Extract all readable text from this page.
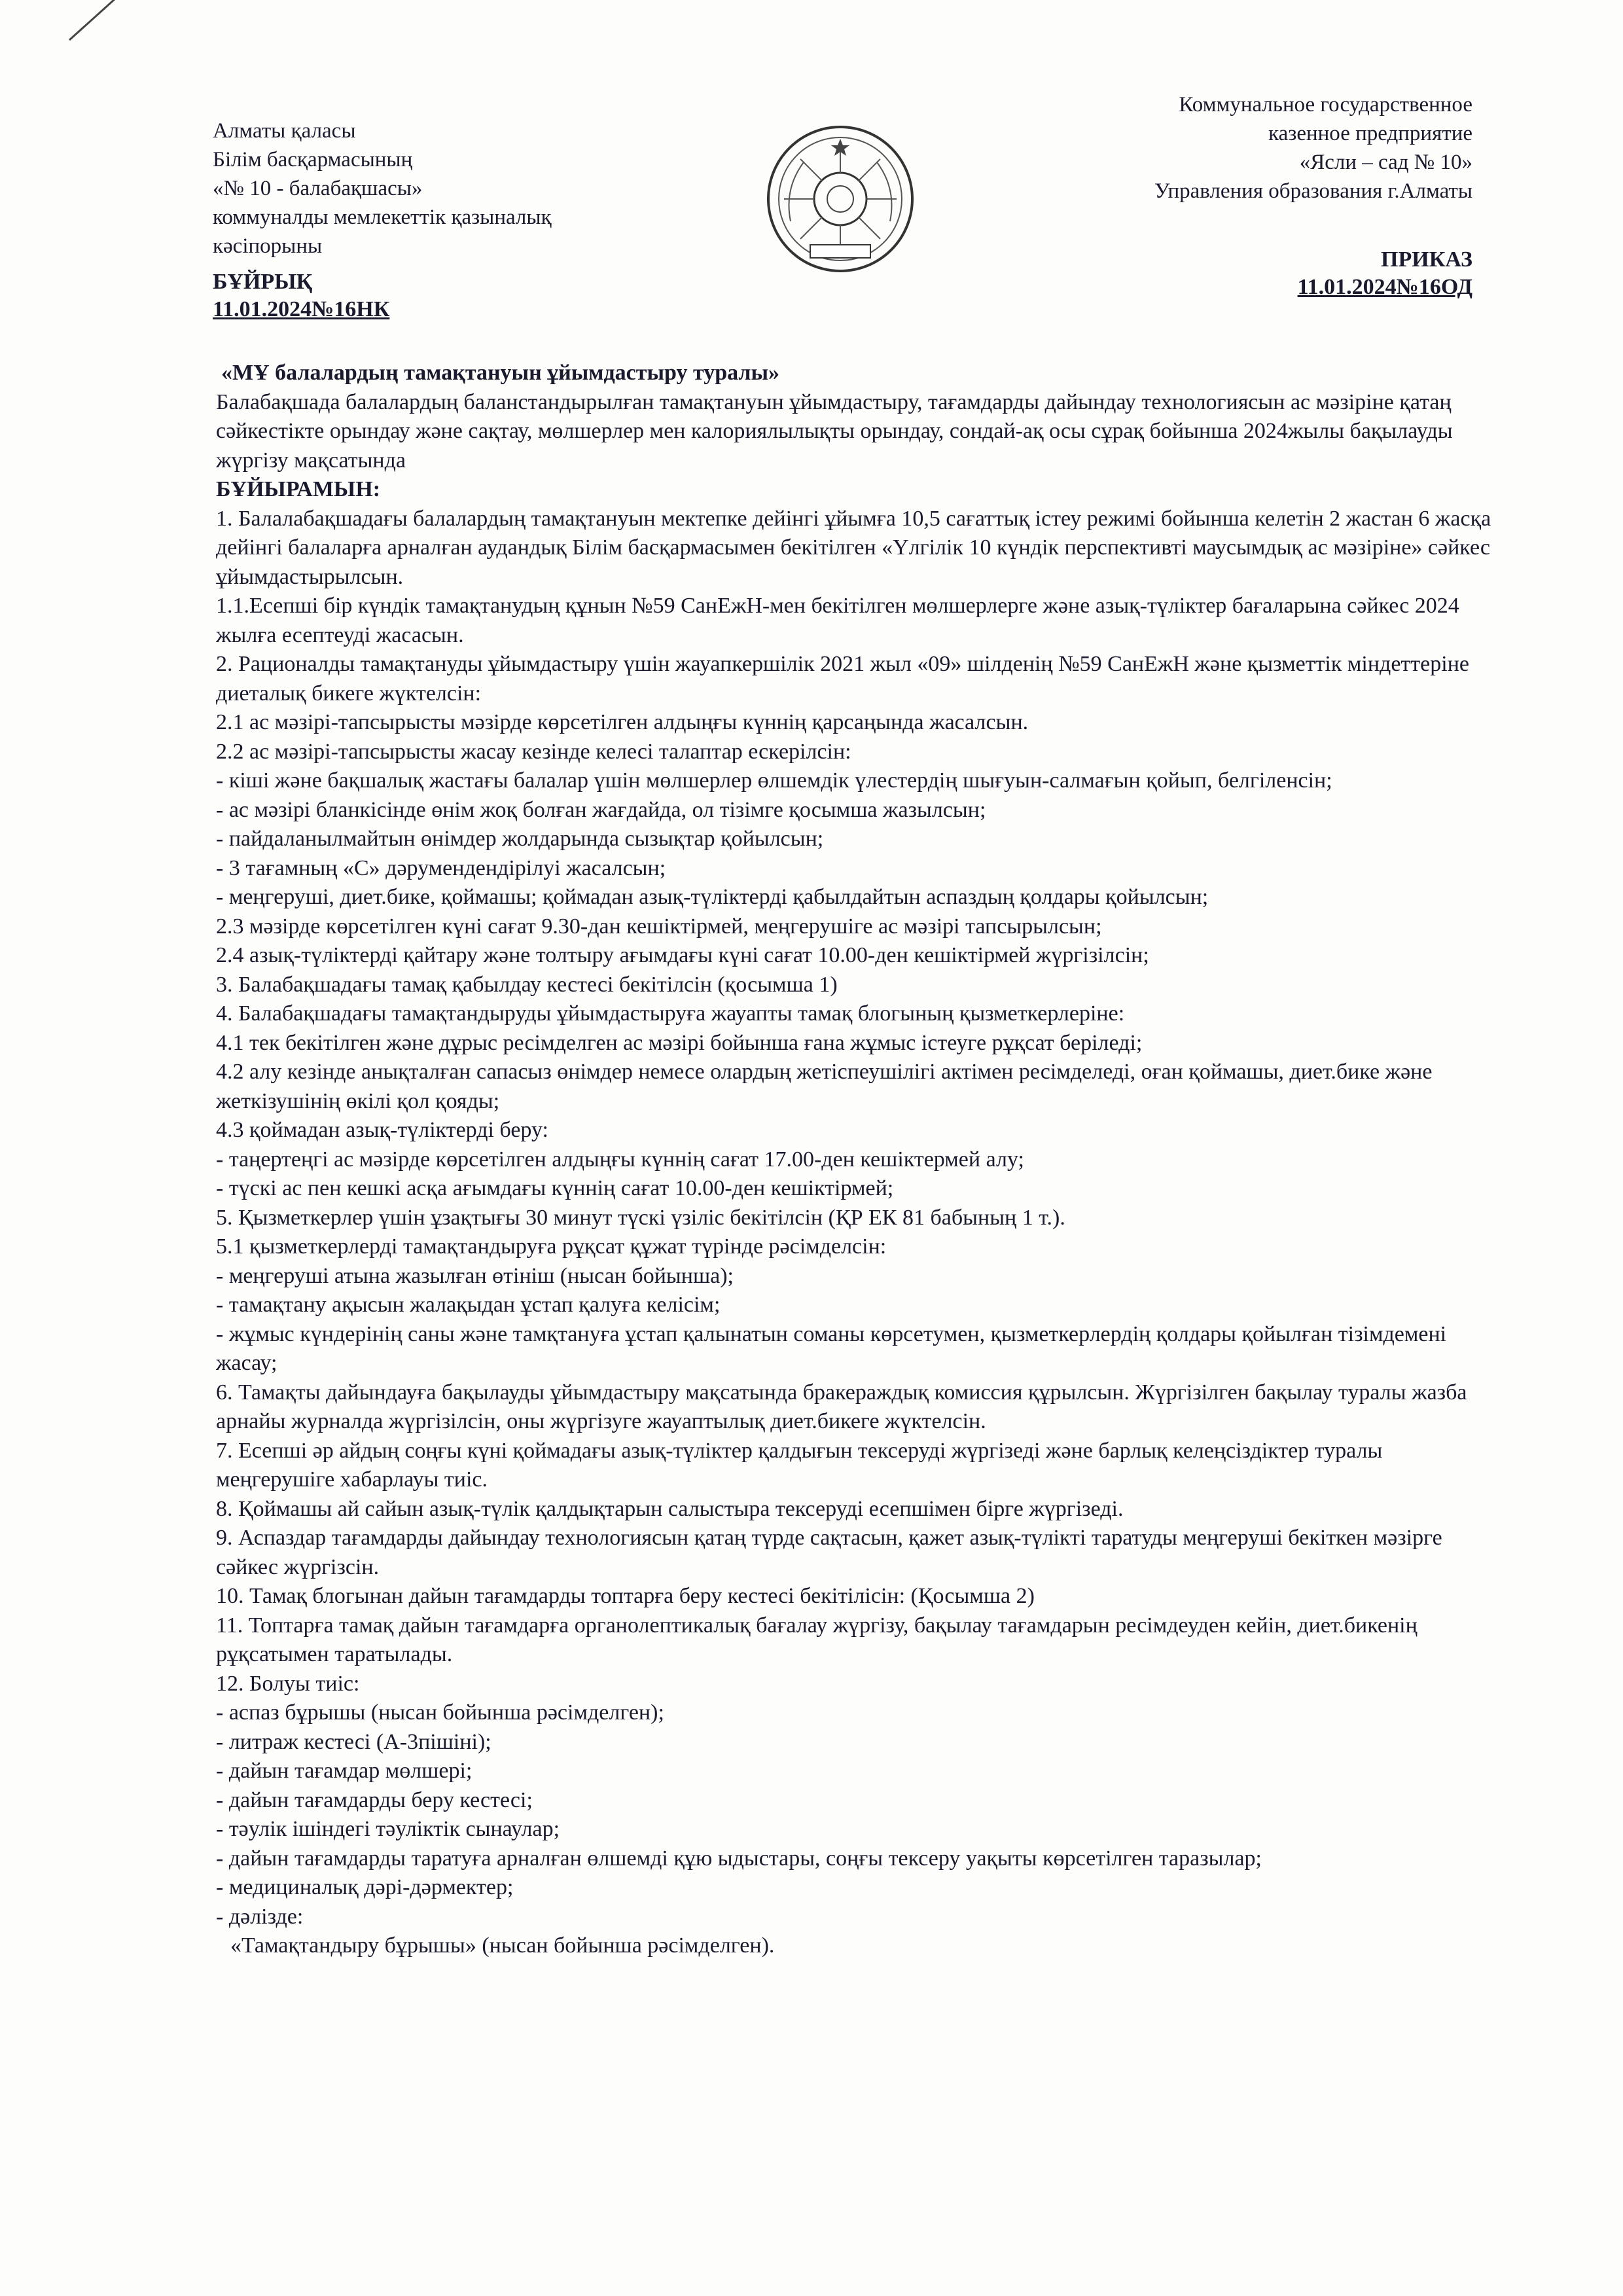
Алматы қаласы
Білім басқармасының
«№ 10 - балабақшасы»
коммуналды мемлекеттік қазыналық
кәсіпорыны
Коммунальное государственное
казенное предприятие
«Ясли – сад № 10»
Управления образования г.Алматы
БҰЙРЫҚ
11.01.2024№16НК
ПРИКАЗ
11.01.2024№16ОД

«МҰ балалардың тамақтануын ұйымдастыру туралы»

Балабақшада балалардың баланстандырылған тамақтануын ұйымдастыру, тағамдарды дайындау технологиясын ас мәзіріне қатаң сәйкестікте орындау және сақтау, мөлшерлер мен калориялылықты орындау, сондай-ақ осы сұрақ бойынша 2024жылы бақылауды жүргізу мақсатында

БҰЙЫРАМЫН:

1. Балалабақшадағы балалардың тамақтануын мектепке дейінгі ұйымға 10,5 сағаттық істеу режимі бойынша келетін 2 жастан 6 жасқа дейінгі балаларға арналған аудандық Білім басқармасымен бекітілген «Үлгілік 10 күндік перспективті маусымдық ас мәзіріне» сәйкес ұйымдастырылсын.

1.1.Есепші бір күндік тамақтанудың құнын №59 СанЕжН-мен бекітілген мөлшерлерге және азық-түліктер бағаларына сәйкес 2024 жылға есептеуді жасасын.

2. Рационалды тамақтануды ұйымдастыру үшін жауапкершілік 2021 жыл «09» шілденің №59 СанЕжН және қызметтік міндеттеріне диеталық бикеге жүктелсін:

2.1 ас мәзірі-тапсырысты мәзірде көрсетілген алдыңғы күннің қарсаңында жасалсын.

2.2 ас мәзірі-тапсырысты жасау кезінде келесі талаптар ескерілсін:

- кіші және бақшалық жастағы балалар үшін мөлшерлер өлшемдік үлестердің шығуын-салмағын қойып, белгіленсін;

- ас мәзірі бланкісінде өнім жоқ болған жағдайда, ол тізімге қосымша жазылсын;

- пайдаланылмайтын өнімдер жолдарында сызықтар қойылсын;

- 3 тағамның «С» дәрумендендірілуі жасалсын;

- меңгеруші, диет.бике, қоймашы; қоймадан азық-түліктерді қабылдайтын аспаздың қолдары қойылсын;

2.3 мәзірде көрсетілген күні сағат 9.30-дан кешіктірмей, меңгерушіге ас мәзірі тапсырылсын;

2.4 азық-түліктерді қайтару және толтыру ағымдағы күні сағат 10.00-ден кешіктірмей жүргізілсін;

3. Балабақшадағы тамақ қабылдау кестесі бекітілсін (қосымша 1)

4. Балабақшадағы тамақтандыруды ұйымдастыруға жауапты тамақ блогының қызметкерлеріне:

4.1 тек бекітілген және дұрыс ресімделген ас мәзірі бойынша ғана жұмыс істеуге рұқсат беріледі;

4.2 алу кезінде анықталған сапасыз өнімдер немесе олардың жетіспеушілігі актімен ресімделеді, оған қоймашы, диет.бике және жеткізушінің өкілі қол қояды;

4.3 қоймадан азық-түліктерді беру:

- таңертеңгі ас мәзірде көрсетілген алдыңғы күннің сағат 17.00-ден кешіктермей алу;

- түскі ас пен кешкі асқа ағымдағы күннің сағат 10.00-ден кешіктірмей;

5. Қызметкерлер үшін ұзақтығы 30 минут түскі үзіліс бекітілсін (ҚР ЕК 81 бабының 1 т.).

5.1 қызметкерлерді тамақтандыруға рұқсат құжат түрінде рәсімделсін:

- меңгеруші атына жазылған өтініш (нысан бойынша);

- тамақтану ақысын жалақыдан ұстап қалуға келісім;

- жұмыс күндерінің саны және тамқтануға ұстап қалынатын соманы көрсетумен, қызметкерлердің қолдары қойылған тізімдемені жасау;

6. Тамақты дайындауға бақылауды ұйымдастыру мақсатында бракераждық комиссия құрылсын. Жүргізілген бақылау туралы жазба арнайы журналда жүргізілсін, оны жүргізуге жауаптылық диет.бикеге жүктелсін.

7. Есепші әр айдың соңғы күні қоймадағы азық-түліктер қалдығын тексеруді жүргізеді және барлық келеңсіздіктер туралы меңгерушіге хабарлауы тиіс.

8. Қоймашы ай сайын азық-түлік қалдықтарын салыстыра тексеруді есепшімен бірге жүргізеді.

9. Аспаздар тағамдарды дайындау технологиясын қатаң түрде сақтасын, қажет азық-түлікті таратуды меңгеруші бекіткен мәзірге сәйкес жүргізсін.

10. Тамақ блогынан дайын тағамдарды топтарға беру кестесі бекітілісін: (Қосымша 2)

11. Топтарға тамақ дайын тағамдарға органолептикалық бағалау жүргізу, бақылау тағамдарын ресімдеуден кейін, диет.бикенің рұқсатымен таратылады.

12. Болуы тиіс:

- аспаз бұрышы (нысан бойынша рәсімделген);

- литраж кестесі (А-3пішіні);

- дайын тағамдар мөлшері;

- дайын тағамдарды беру кестесі;

- тәулік ішіндегі тәуліктік сынаулар;

- дайын тағамдарды таратуға арналған өлшемді құю ыдыстары, соңғы тексеру уақыты көрсетілген таразылар;

- медициналық дәрі-дәрмектер;

- дәлізде:

«Тамақтандыру бұрышы» (нысан бойынша рәсімделген).
